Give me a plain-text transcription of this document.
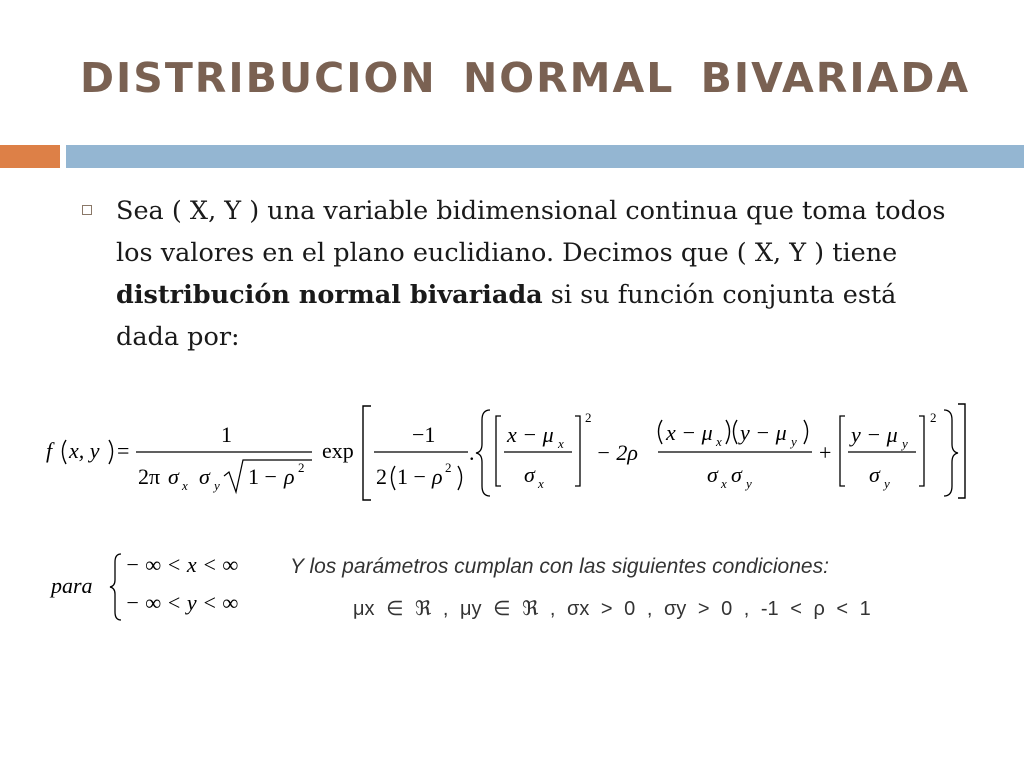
DISTRIBUCION NORMAL BIVARIADA

Sea ( X, Y ) una variable bidimensional continua que toma todos los valores en el plano euclidiano. Decimos que ( X, Y ) tiene distribución normal bivariada si su función conjunta está dada por:

f x, y =
1
2π σ x σ y 1 − ρ 2
exp
−1
2 1 − ρ 2
.
x − μ x
σ x
2
− 2ρ
x − μ x y − μ y
σ x σ y
+
y − μ y
σ y
2
para
− ∞ < x < ∞
− ∞ < y < ∞
Y los parámetros cumplan con las siguientes condiciones:
μx ∈ ℜ , μy ∈ ℜ , σx > 0 , σy > 0 , -1 < ρ < 1
